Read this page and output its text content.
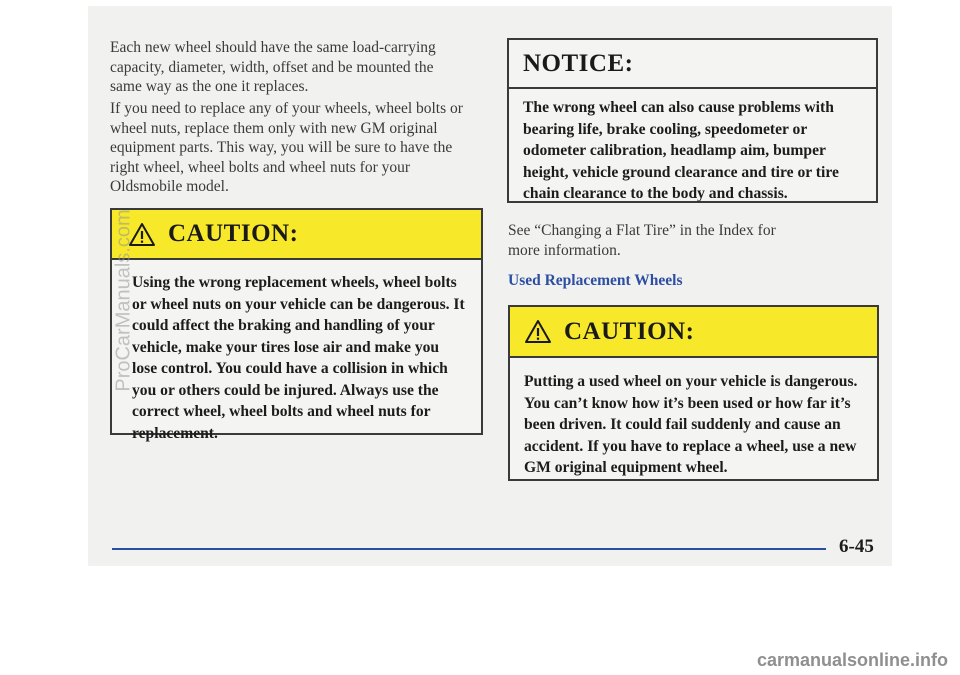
Each new wheel should have the same load-carrying capacity, diameter, width, offset and be mounted the same way as the one it replaces.

If you need to replace any of your wheels, wheel bolts or wheel nuts, replace them only with new GM original equipment parts. This way, you will be sure to have the right wheel, wheel bolts and wheel nuts for your Oldsmobile model.

CAUTION:

Using the wrong replacement wheels, wheel bolts or wheel nuts on your vehicle can be dangerous. It could affect the braking and handling of your vehicle, make your tires lose air and make you lose control. You could have a collision in which you or others could be injured. Always use the correct wheel, wheel bolts and wheel nuts for replacement.

NOTICE:

The wrong wheel can also cause problems with bearing life, brake cooling, speedometer or odometer calibration, headlamp aim, bumper height, vehicle ground clearance and tire or tire chain clearance to the body and chassis.

See “Changing a Flat Tire” in the Index for more information.

Used Replacement Wheels
CAUTION:

Putting a used wheel on your vehicle is dangerous. You can’t know how it’s been used or how far it’s been driven. It could fail suddenly and cause an accident. If you have to replace a wheel, use a new GM original equipment wheel.

6-45
ProCarManuals.com
carmanualsonline.info
